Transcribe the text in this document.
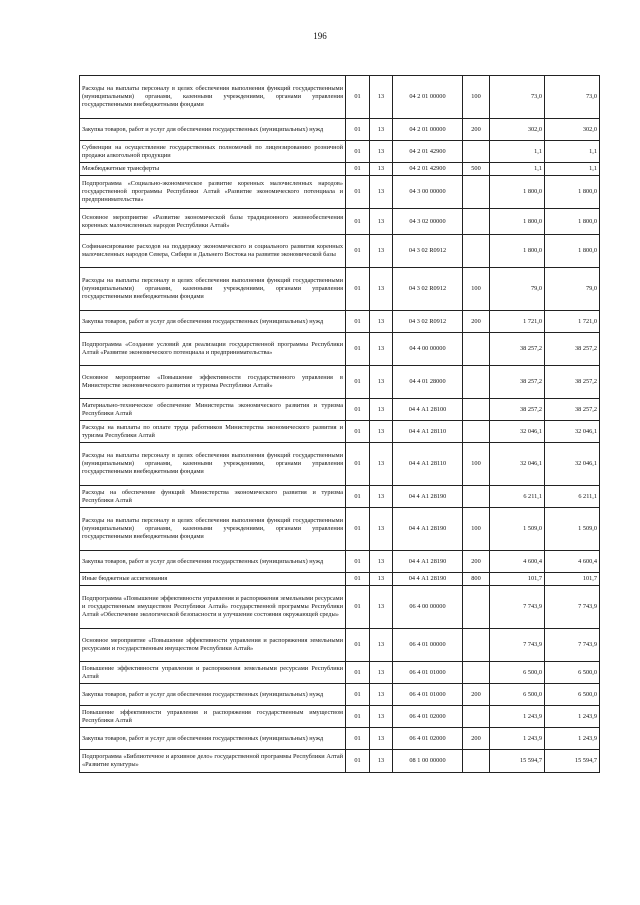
196
Расходы на выплаты персоналу в целях обеспечения выполнения функций государственными (муниципальными) органами, казенными учреждениями, органами управления государственными внебюджетными фондами	01	13	04 2 01 00000	100	73,0	73,0
Закупка товаров, работ и услуг для обеспечения государственных (муниципальных) нужд	01	13	04 2 01 00000	200	302,0	302,0
Субвенции на осуществление государственных полномочий по лицензированию розничной продажи алкогольной продукции	01	13	04 2 01 42900		1,1	1,1
Межбюджетные трансферты	01	13	04 2 01 42900	500	1,1	1,1
Подпрограмма «Социально-экономическое развитие коренных малочисленных народов» государственной программы Республики Алтай «Развитие экономического потенциала и предпринимательства»	01	13	04 3 00 00000		1 800,0	1 800,0
Основное мероприятие «Развитие экономической базы традиционного жизнеобеспечения коренных малочисленных народов Республики Алтай»	01	13	04 3 02 00000		1 800,0	1 800,0
Софинансирование расходов на поддержку экономического и социального развития коренных малочисленных народов Севера, Сибири и Дальнего Востока на развитие экономической базы	01	13	04 3 02 R0912		1 800,0	1 800,0
Расходы на выплаты персоналу в целях обеспечения выполнения функций государственными (муниципальными) органами, казенными учреждениями, органами управления государственными внебюджетными фондами	01	13	04 3 02 R0912	100	79,0	79,0
Закупка товаров, работ и услуг для обеспечения государственных (муниципальных) нужд	01	13	04 3 02 R0912	200	1 721,0	1 721,0
Подпрограмма «Создание условий для реализации государственной программы Республики Алтай «Развитие экономического потенциала и предпринимательства»	01	13	04 4 00 00000		38 257,2	38 257,2
Основное мероприятие «Повышение эффективности государственного управления в Министерстве экономического развития и туризма Республики Алтай»	01	13	04 4 01 28000		38 257,2	38 257,2
Материально-техническое обеспечение Министерства экономического развития и туризма Республики Алтай	01	13	04 4 А1 28100		38 257,2	38 257,2
Расходы на выплаты по оплате труда работников Министерства экономического развития и туризма Республики Алтай	01	13	04 4 А1 28110		32 046,1	32 046,1
Расходы на выплаты персоналу в целях обеспечения выполнения функций государственными (муниципальными) органами, казенными учреждениями, органами управления государственными внебюджетными фондами	01	13	04 4 А1 28110	100	32 046,1	32 046,1
Расходы на обеспечение функций Министерства экономического развития и туризма Республики Алтай	01	13	04 4 А1 28190		6 211,1	6 211,1
Расходы на выплаты персоналу в целях обеспечения выполнения функций государственными (муниципальными) органами, казенными учреждениями, органами управления государственными внебюджетными фондами	01	13	04 4 А1 28190	100	1 509,0	1 509,0
Закупка товаров, работ и услуг для обеспечения государственных (муниципальных) нужд	01	13	04 4 А1 28190	200	4 600,4	4 600,4
Иные бюджетные ассигнования	01	13	04 4 А1 28190	800	101,7	101,7
Подпрограмма «Повышение эффективности управления и распоряжения земельными ресурсами и государственным имуществом Республики Алтай» государственной программы Республики Алтай «Обеспечение экологической безопасности и улучшение состояния окружающей среды»	01	13	06 4 00 00000		7 743,9	7 743,9
Основное мероприятие «Повышение эффективности управления и распоряжения земельными ресурсами и государственным имуществом Республики Алтай»	01	13	06 4 01 00000		7 743,9	7 743,9
Повышение эффективности управления и распоряжения земельными ресурсами Республики Алтай	01	13	06 4 01 01000		6 500,0	6 500,0
Закупка товаров, работ и услуг для обеспечения государственных (муниципальных) нужд	01	13	06 4 01 01000	200	6 500,0	6 500,0
Повышение эффективности управления и распоряжения государственным имуществом Республики Алтай	01	13	06 4 01 02000		1 243,9	1 243,9
Закупка товаров, работ и услуг для обеспечения государственных (муниципальных) нужд	01	13	06 4 01 02000	200	1 243,9	1 243,9
Подпрограмма «Библиотечное и архивное дело» государственной программы Республики Алтай «Развитие культуры»	01	13	08 1 00 00000		15 594,7	15 594,7
